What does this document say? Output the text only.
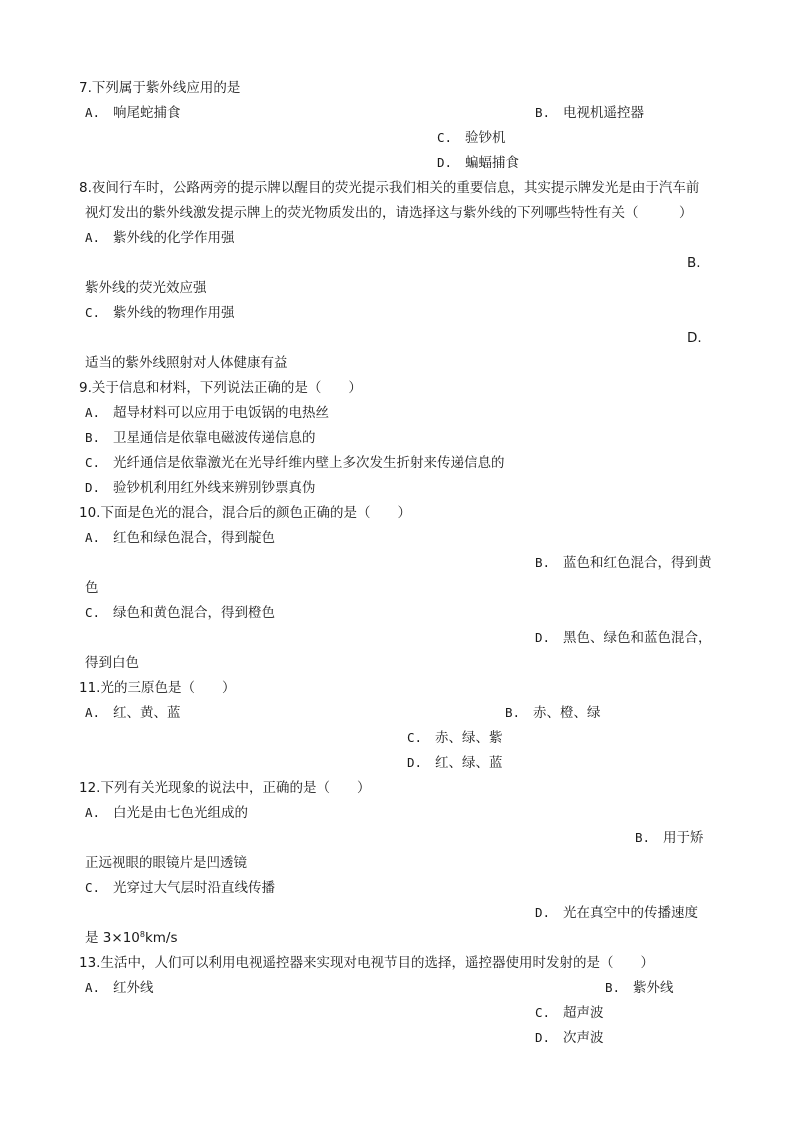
7.下列属于紫外线应用的是
A. 响尾蛇捕食	B. 电视机遥控器
C. 验钞机
D. 蝙蝠捕食
8.夜间行车时，公路两旁的提示牌以醒目的荧光提示我们相关的重要信息，其实提示牌发光是由于汽车前
视灯发出的紫外线激发提示牌上的荧光物质发出的，请选择这与紫外线的下列哪些特性有关（　　　）
A. 紫外线的化学作用强
B.
紫外线的荧光效应强
C. 紫外线的物理作用强
D.
适当的紫外线照射对人体健康有益
9.关于信息和材料，下列说法正确的是（　　）
A. 超导材料可以应用于电饭锅的电热丝
B. 卫星通信是依靠电磁波传递信息的
C. 光纤通信是依靠激光在光导纤维内壁上多次发生折射来传递信息的
D. 验钞机利用红外线来辨别钞票真伪
10.下面是色光的混合，混合后的颜色正确的是（　　）
A. 红色和绿色混合，得到靛色
B. 蓝色和红色混合，得到黄
色
C. 绿色和黄色混合，得到橙色
D. 黑色、绿色和蓝色混合，
得到白色
11.光的三原色是（　　）
A. 红、黄、蓝	B. 赤、橙、绿
C. 赤、绿、紫
D. 红、绿、蓝
12.下列有关光现象的说法中，正确的是（　　）
A. 白光是由七色光组成的
B. 用于矫
正远视眼的眼镜片是凹透镜
C. 光穿过大气层时沿直线传播
D. 光在真空中的传播速度
是 $3\times 10^8km/s$
13.生活中，人们可以利用电视遥控器来实现对电视节目的选择，遥控器使用时发射的是（　　）
A. 红外线	B. 紫外线
C. 超声波
D. 次声波
